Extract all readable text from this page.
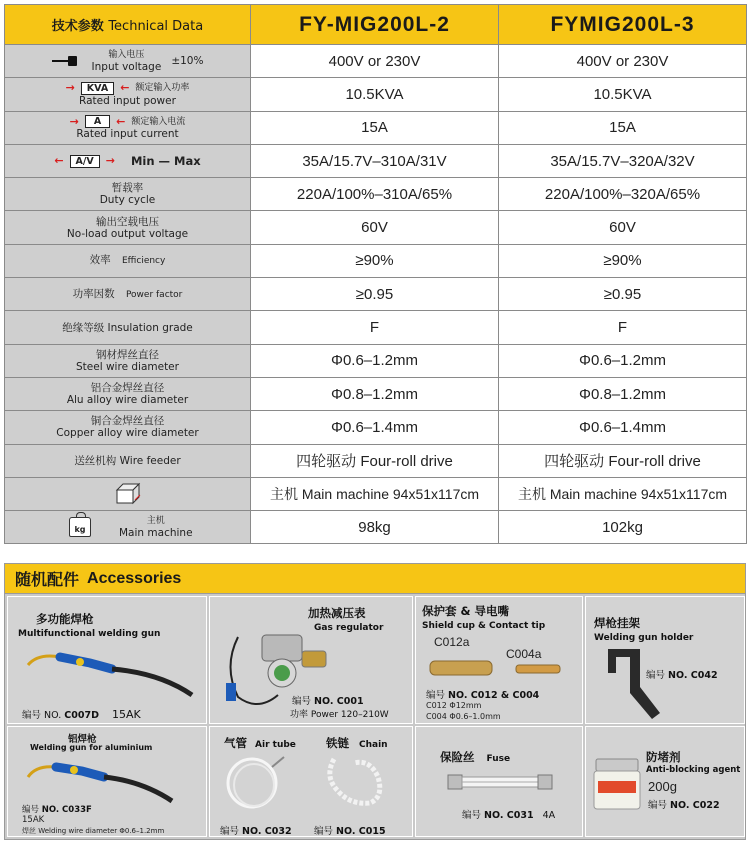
技术参数 Technical Data	FY-MIG200L-2	FYMIG200L-3

输入电压
Input voltage ±10%	400V or 230V	400V or 230V

→ KVA ← 额定输入功率
Rated input power	10.5KVA	10.5KVA

→ A ← 额定输入电流
Rated input current	15A	15A

← A/V → Min — Max	35A/15.7V–310A/31V	35A/15.7V–320A/32V

暂载率
Duty cycle	220A/100%–310A/65%	220A/100%–320A/65%

输出空载电压
No-load output voltage	60V	60V
效率 Efficiency	≥90%	≥90%
功率因数 Power factor	≥0.95	≥0.95
绝缘等级 Insulation grade	F	F

钢材焊丝直径
Steel wire diameter	Φ0.6–1.2mm	Φ0.6–1.2mm

铝合金焊丝直径
Alu alloy wire diameter	Φ0.8–1.2mm	Φ0.8–1.2mm

铜合金焊丝直径
Copper alloy wire diameter	Φ0.6–1.4mm	Φ0.6–1.4mm
送丝机构 Wire feeder	四轮驱动 Four-roll drive	四轮驱动 Four-roll drive
	主机 Main machine 94x51x117cm	主机 Main machine 94x51x117cm

kg
主机
Main machine	98kg	102kg
随机配件 Accessories
多功能焊枪
Multifunctional welding gun
编号 NO. C007D 15AK
加热减压表
Gas regulator
编号 NO. C001
功率 Power 120–210W
保护套 & 导电嘴
Shield cup & Contact tip
C012a
C004a
编号 NO. C012 & C004
C012 Φ12mm
C004 Φ0.6–1.0mm
焊枪挂架
Welding gun holder
编号 NO. C042
铝焊枪
Welding gun for aluminium
编号 NO. C033F
15AK
焊丝 Welding wire diameter Φ0.6–1.2mm
气管 Air tube	铁链 Chain
编号 NO. C032 编号 NO. C015
保险丝 Fuse
编号 NO. C031 4A
防堵剂
Anti-blocking agent
200g
编号 NO. C022
